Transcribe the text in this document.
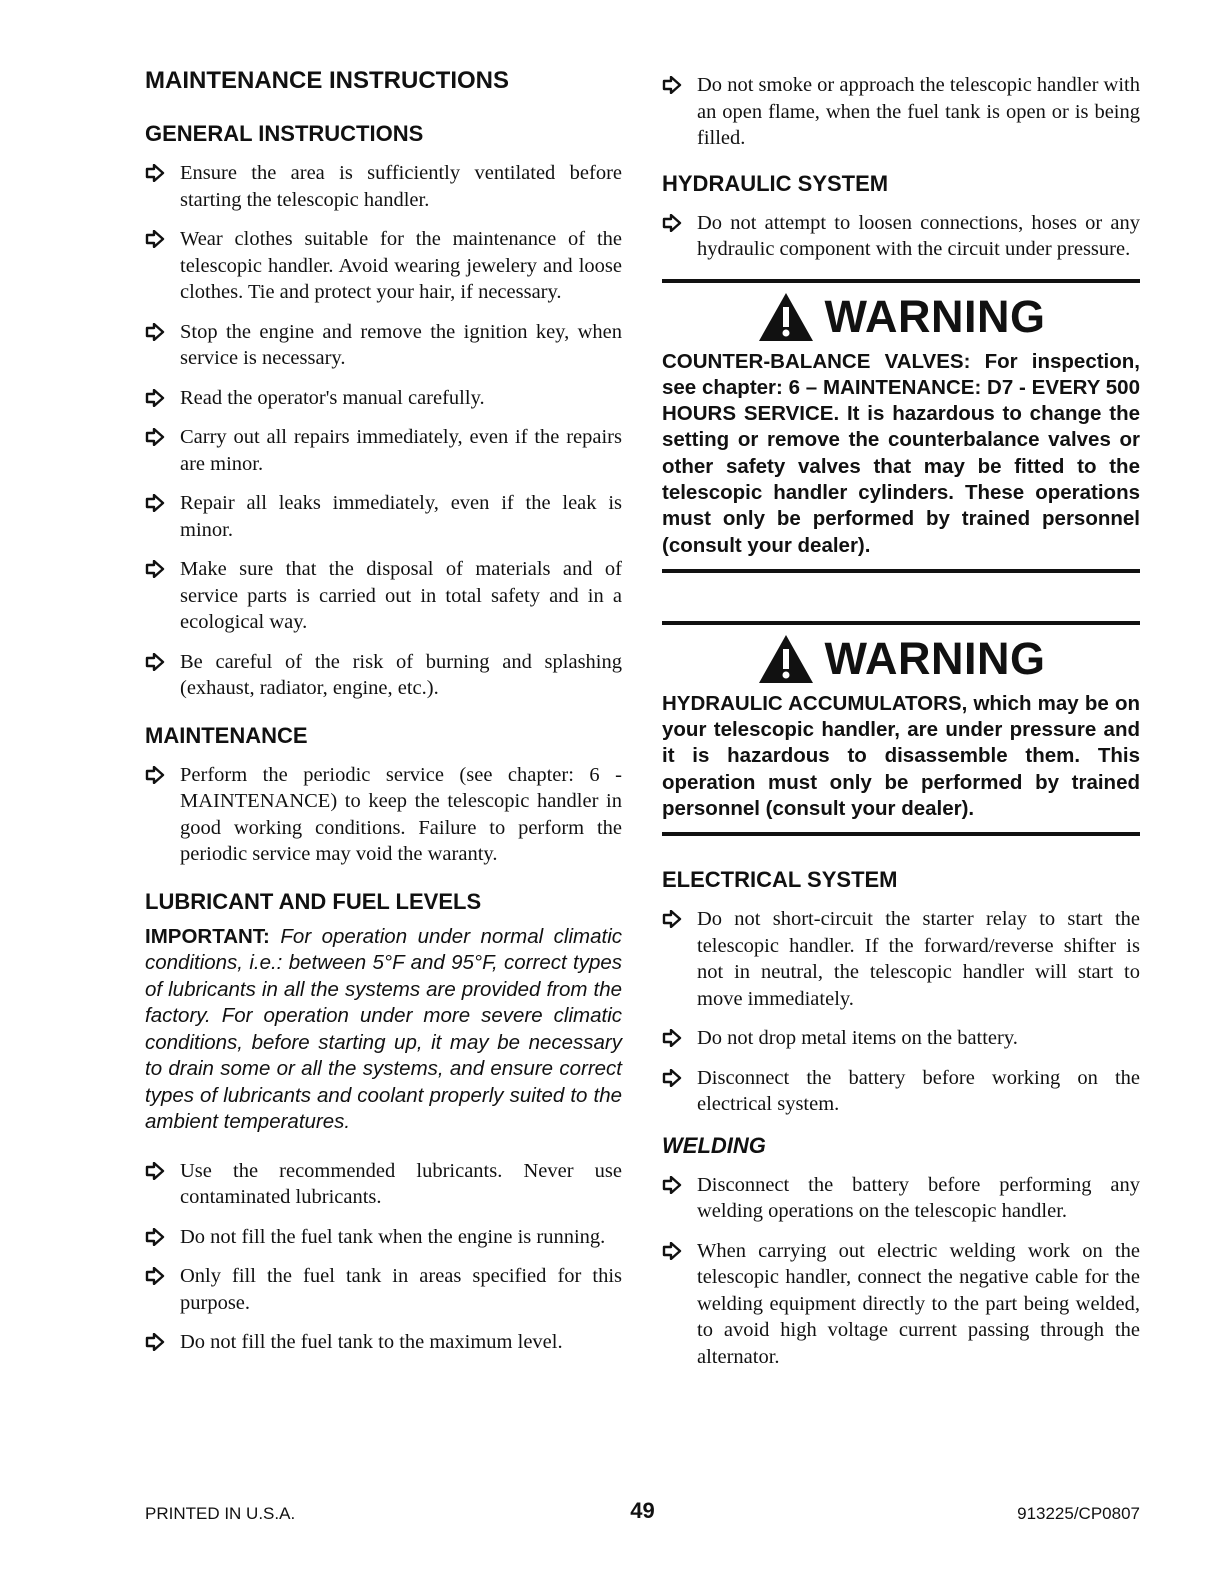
MAINTENANCE INSTRUCTIONS
GENERAL INSTRUCTIONS
Ensure the area is sufficiently ventilated before starting the telescopic handler.
Wear clothes suitable for the maintenance of the telescopic handler. Avoid wearing jewelery and loose clothes. Tie and protect your hair, if necessary.
Stop the engine and remove the ignition key, when service is necessary.
Read the operator's manual carefully.
Carry out all repairs immediately, even if the repairs are minor.
Repair all leaks immediately, even if the leak is minor.
Make sure that the disposal of materials and of service parts is carried out in total safety and in a ecological way.
Be careful of the risk of burning and splashing (exhaust, radiator, engine, etc.).
MAINTENANCE
Perform the periodic service (see chapter: 6 - MAINTENANCE) to keep the telescopic handler in good working conditions. Failure to perform the periodic service may void the waranty.
LUBRICANT AND FUEL LEVELS

IMPORTANT: For operation under normal climatic conditions, i.e.: between 5°F and 95°F, correct types of lubricants in all the systems are provided from the factory. For operation under more severe climatic conditions, before starting up, it may be necessary to drain some or all the systems, and ensure correct types of lubricants and coolant properly suited to the ambient temperatures.

Use the recommended lubricants. Never use contaminated lubricants.
Do not fill the fuel tank when the engine is running.
Only fill the fuel tank in areas specified for this purpose.
Do not fill the fuel tank to the maximum level.
Do not smoke or approach the telescopic handler with an open flame, when the fuel tank is open or is being filled.
HYDRAULIC SYSTEM
Do not attempt to loosen connections, hoses or any hydraulic component with the circuit under pressure.
WARNING
COUNTER-BALANCE VALVES: For inspection, see chapter: 6 – MAINTENANCE: D7 - EVERY 500 HOURS SERVICE. It is hazardous to change the setting or remove the counterbalance valves or other safety valves that may be fitted to the telescopic handler cylinders. These operations must only be performed by trained personnel (consult your dealer).
WARNING
HYDRAULIC ACCUMULATORS, which may be on your telescopic handler, are under pressure and it is hazardous to disassemble them. This operation must only be performed by trained personnel (consult your dealer).
ELECTRICAL SYSTEM
Do not short-circuit the starter relay to start the telescopic handler. If the forward/reverse shifter is not in neutral, the telescopic handler will start to move immediately.
Do not drop metal items on the battery.
Disconnect the battery before working on the electrical system.
WELDING
Disconnect the battery before performing any welding operations on the telescopic handler.
When carrying out electric welding work on the telescopic handler, connect the negative cable for the welding equipment directly to the part being welded, to avoid high voltage current passing through the alternator.
PRINTED IN U.S.A.	49	913225/CP0807
